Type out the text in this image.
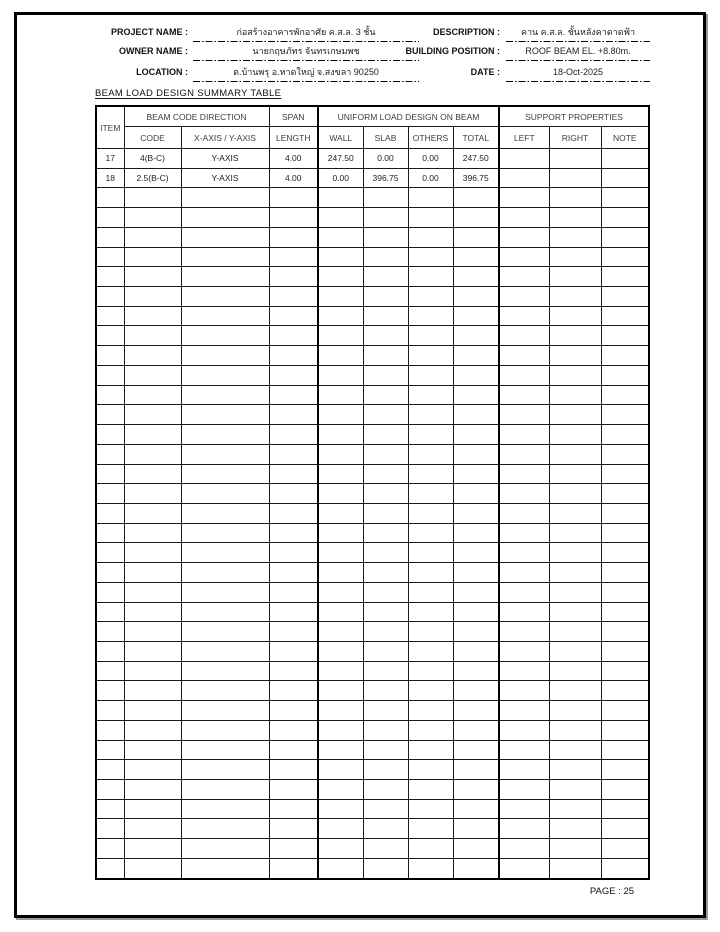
PROJECT NAME :	ก่อสร้างอาคารพักอาศัย ค.ส.ล. 3 ชั้น
OWNER NAME :	นายกฤษภัทร จันทรเกษมพช
LOCATION :	ต.บ้านพรุ อ.หาดใหญ่ จ.สงขลา 90250
DESCRIPTION :	คาน ค.ส.ล. ชั้นหลังคาดาดฟ้า
BUILDING POSITION :	ROOF BEAM EL. +8.80m.
DATE :	18-Oct-2025
BEAM LOAD DESIGN SUMMARY TABLE
ITEM	BEAM CODE DIRECTION		SPAN	UNIFORM LOAD DESIGN ON BEAM				SUPPORT PROPERTIES		
	CODE	X-AXIS / Y-AXIS	LENGTH	WALL	SLAB	OTHERS	TOTAL	LEFT	RIGHT	NOTE
17	4(B-C)	Y-AXIS	4.00	247.50	0.00	0.00	247.50			
18	2.5(B-C)	Y-AXIS	4.00	0.00	396.75	0.00	396.75			

PAGE : 25
